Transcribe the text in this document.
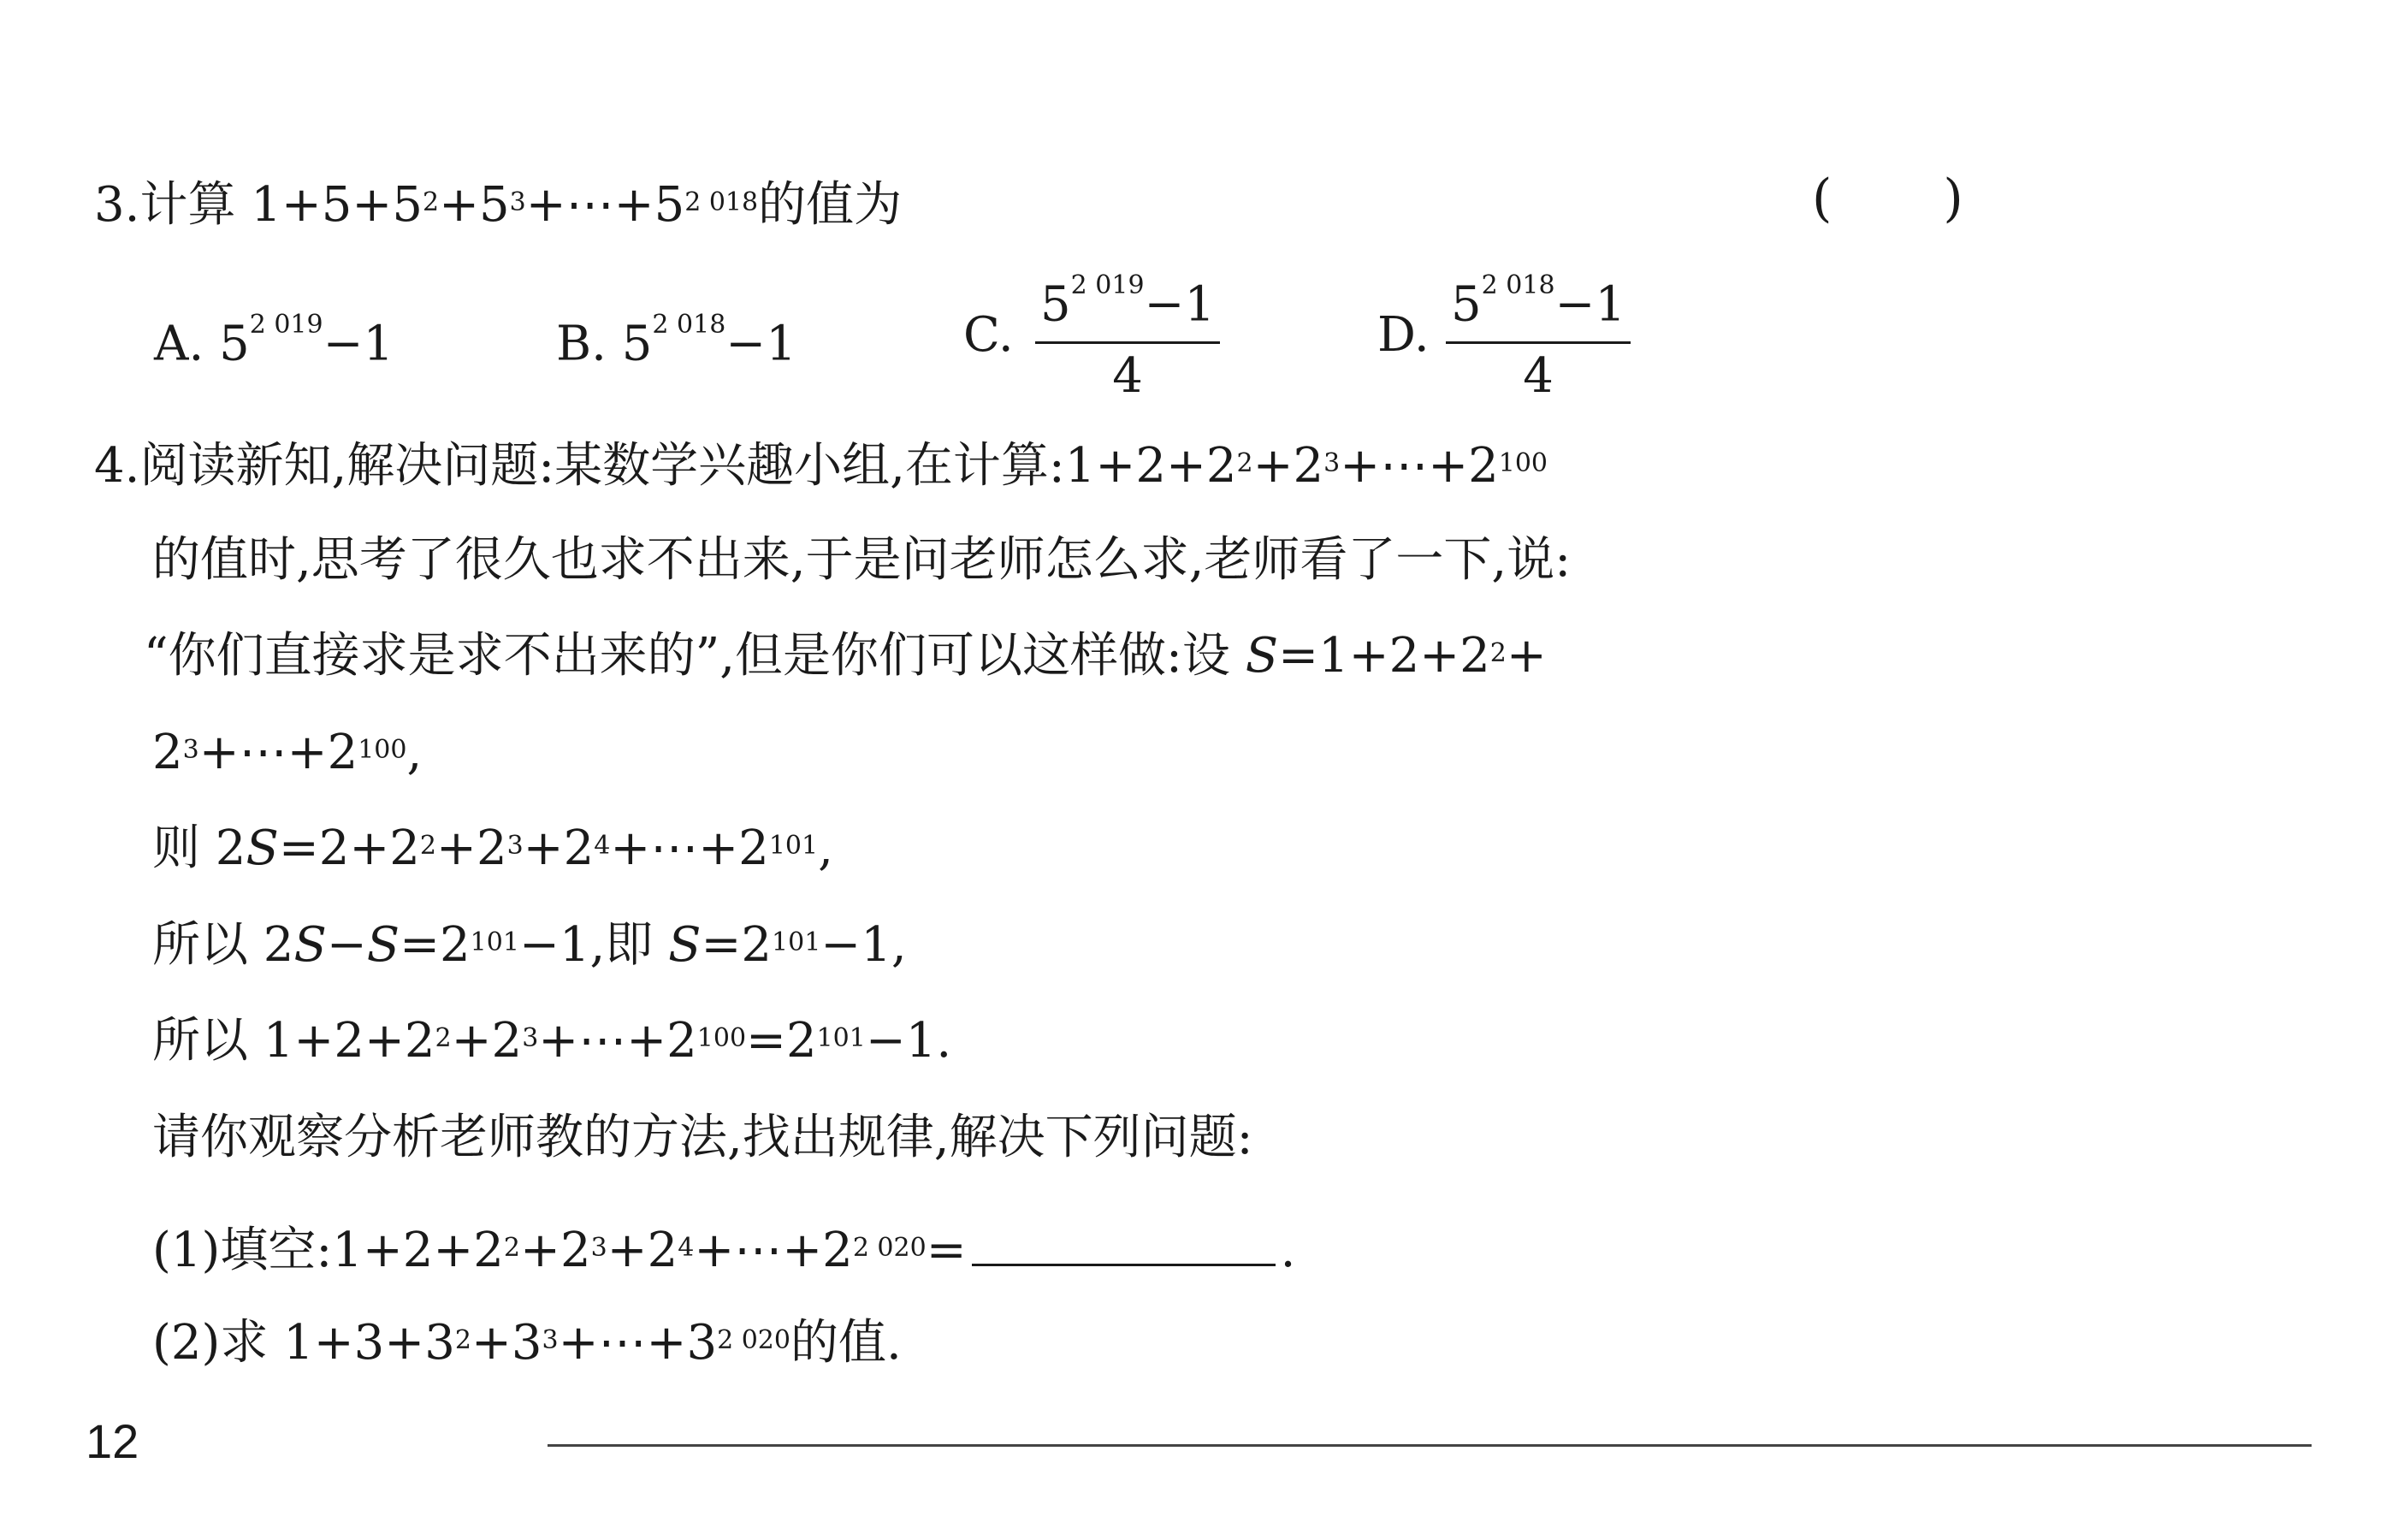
3.计算 $1+5+5^2+5^3+\cdots+5^{2 018}$的值为	( )
A. $5^{2 019}-1$	B. $5^{2 018}-1$	C. $\frac{5^{2 019}-1}{4}$	D. $\frac{5^{2 018}-1}{4}$
4.阅读新知,解决问题:某数学兴趣小组,在计算$:1+2+2^2+2^3+\cdots+2^{100}$
的值时,思考了很久也求不出来,于是问老师怎么求,老师看了一下,说:
“你们直接求是求不出来的”,但是你们可以这样做:设 $S=1+2+2^2+$
$2^3+\cdots+2^{100}$,
则 $2S=2+2^2+2^3+2^4+\cdots+2^{101}$,
所以 $2S-S=2^{101}-1$,即 $S=2^{101}-1$,
所以 $1+2+2^2+2^3+\cdots+2^{100}=2^{101}-1$.
请你观察分析老师教的方法,找出规律,解决下列问题:
(1)填空$:1+2+2^2+2^3+2^4+\cdots+2^{2 020}=$	.
(2)求 $1+3+3^2+3^3+\cdots+3^{2 020}$的值.
12
